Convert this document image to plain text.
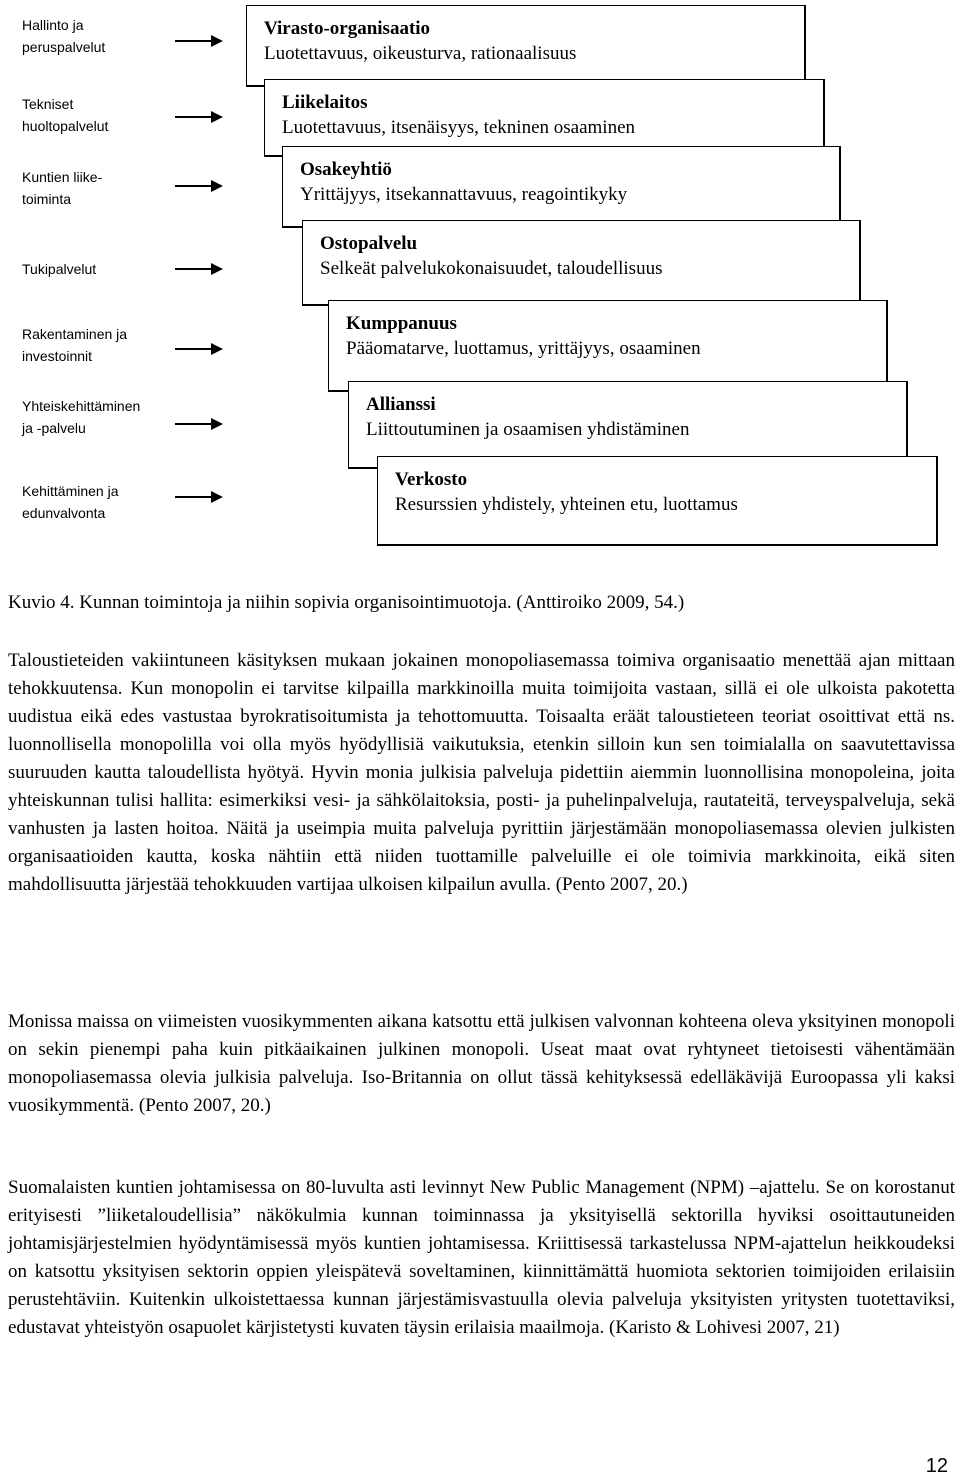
Hallinto ja
peruspalvelut
Tekniset
huoltopalvelut
Kuntien liike-
toiminta
Tukipalvelut
Rakentaminen ja
investoinnit
Yhteiskehittäminen
ja -palvelu
Kehittäminen ja
edunvalvonta
Virasto-organisaatio
Luotettavuus, oikeusturva, rationaalisuus
Liikelaitos
Luotettavuus, itsenäisyys, tekninen osaaminen
Osakeyhtiö
Yrittäjyys, itsekannattavuus, reagointikyky
Ostopalvelu
Selkeät palvelukokonaisuudet, taloudellisuus
Kumppanuus
Pääomatarve, luottamus, yrittäjyys, osaaminen
Allianssi
Liittoutuminen ja osaamisen yhdistäminen
Verkosto
Resurssien yhdistely, yhteinen etu, luottamus
Kuvio 4. Kunnan toimintoja ja niihin sopivia organisointimuotoja. (Anttiroiko 2009, 54.)

Taloustieteiden vakiintuneen käsityksen mukaan jokainen monopoliasemassa toimiva organisaatio menettää ajan mittaan tehokkuutensa. Kun monopolin ei tarvitse kilpailla markkinoilla muita toimijoita vastaan, sillä ei ole ulkoista pakotetta uudistua eikä edes vastustaa byrokratisoitumista ja tehottomuutta. Toisaalta eräät taloustieteen teoriat osoittivat että ns. luonnollisella monopolilla voi olla myös hyödyllisiä vaikutuksia, etenkin silloin kun sen toimialalla on saavutettavissa suuruuden kautta taloudellista hyötyä. Hyvin monia julkisia palveluja pidettiin aiemmin luonnollisina monopoleina, joita yhteiskunnan tulisi hallita: esimerkiksi vesi- ja sähkölaitoksia, posti- ja puhelinpalveluja, rautateitä, terveyspalveluja, sekä vanhusten ja lasten hoitoa. Näitä ja useimpia muita palveluja pyrittiin järjestämään monopoliasemassa olevien julkisten organisaatioiden kautta, koska nähtiin että niiden tuottamille palveluille ei ole toimivia markkinoita, eikä siten mahdollisuutta järjestää tehokkuuden vartijaa ulkoisen kilpailun avulla. (Pento 2007, 20.)

Monissa maissa on viimeisten vuosikymmenten aikana katsottu että julkisen valvonnan kohteena oleva yksityinen monopoli on sekin pienempi paha kuin pitkäaikainen julkinen monopoli. Useat maat ovat ryhtyneet tietoisesti vähentämään monopoliasemassa olevia julkisia palveluja. Iso-Britannia on ollut tässä kehityksessä edelläkävijä Euroopassa yli kaksi vuosikymmentä. (Pento 2007, 20.)

Suomalaisten kuntien johtamisessa on 80-luvulta asti levinnyt New Public Management (NPM) –ajattelu. Se on korostanut erityisesti ”liiketaloudellisia” näkökulmia kunnan toiminnassa ja yksityisellä sektorilla hyviksi osoittautuneiden johtamisjärjestelmien hyödyntämisessä myös kuntien johtamisessa. Kriittisessä tarkastelussa NPM-ajattelun heikkoudeksi on katsottu yksityisen sektorin oppien yleispätevä soveltaminen, kiinnittämättä huomiota sektorien toimijoiden erilaisiin perustehtäviin. Kuitenkin ulkoistettaessa kunnan järjestämisvastuulla olevia palveluja yksityisten yritysten tuotettaviksi, edustavat yhteistyön osapuolet kärjistetysti kuvaten täysin erilaisia maailmoja. (Karisto & Lohivesi 2007, 21)

12
